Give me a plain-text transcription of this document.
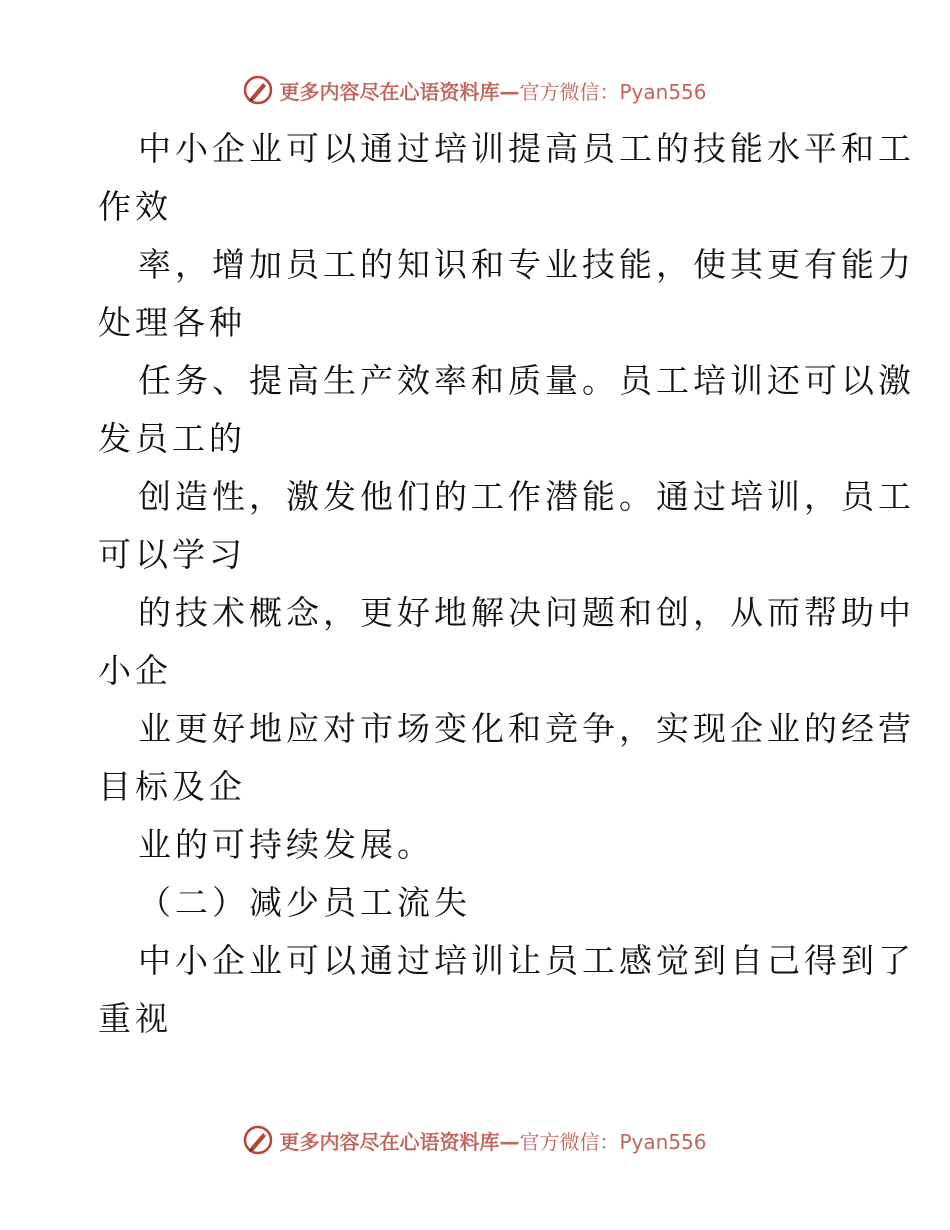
更多内容尽在心语资料库—官方微信：Pyan556
中小企业可以通过培训提高员工的技能水平和工
作效
率，增加员工的知识和专业技能，使其更有能力
处理各种
任务、提高生产效率和质量。员工培训还可以激
发员工的
创造性，激发他们的工作潜能。通过培训，员工
可以学习
的技术概念，更好地解决问题和创，从而帮助中
小企
业更好地应对市场变化和竞争，实现企业的经营
目标及企
业的可持续发展。
（二）减少员工流失
中小企业可以通过培训让员工感觉到自己得到了
重视
更多内容尽在心语资料库—官方微信：Pyan556
